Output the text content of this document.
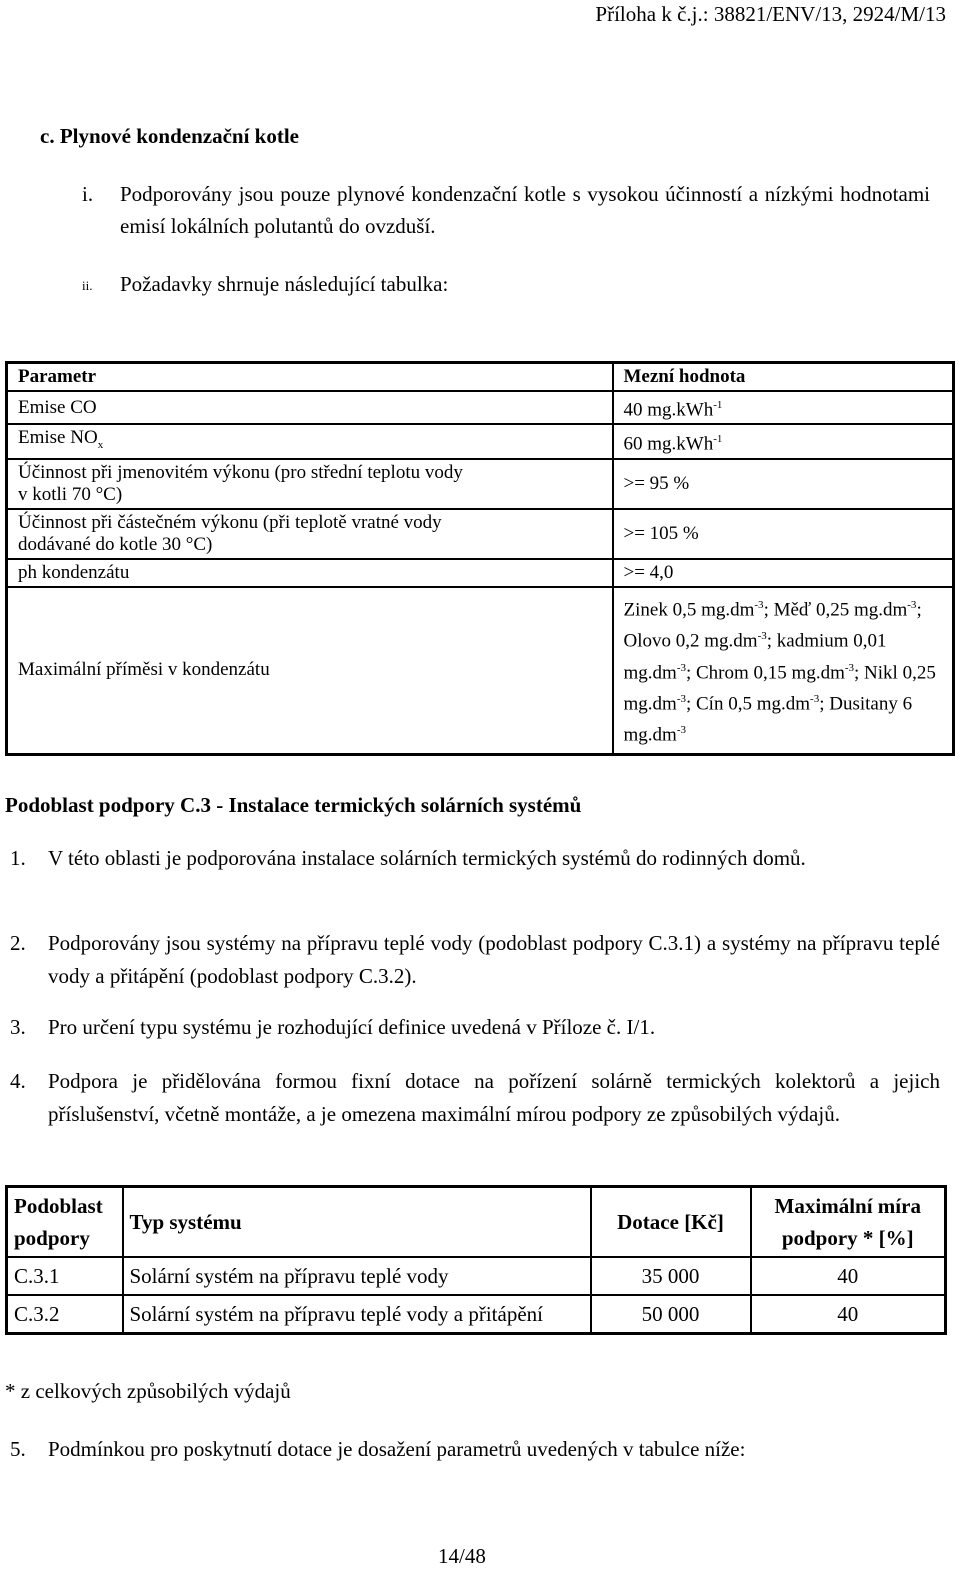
Příloha k č.j.: 38821/ENV/13, 2924/M/13
c. Plynové kondenzační kotle
i. Podporovány jsou pouze plynové kondenzační kotle s vysokou účinností a nízkými hodnotami emisí lokálních polutantů do ovzduší.
ii. Požadavky shrnuje následující tabulka:
Parametr	Mezní hodnota
Emise CO	40 mg.kWh$^{-1}$
Emise $NO_x$	60 mg.kWh$^{-1}$

Účinnost při jmenovitém výkonu (pro střední teplotu vody
v kotli 70 °C)	>= 95 %

Účinnost při částečném výkonu (při teplotě vratné vody
dodávané do kotle 30 °C)	>= 105 %
ph kondenzátu	>= 4,0
Maximální příměsi v kondenzátu	Zinek 0,5 $mg.dm^{-3}$; Měď 0,25 $mg.dm^{-3}$; Olovo 0,2 $mg.dm^{-3}$; kadmium 0,01 $mg.dm^{-3}$; Chrom 0,15 $mg.dm^{-3}$; Nikl 0,25 $mg.dm^{-3}$; Cín 0,5 $mg.dm^{-3}$; Dusitany 6 $mg.dm^{-3}$
Podoblast podpory C.3 - Instalace termických solárních systémů
1. V této oblasti je podporována instalace solárních termických systémů do rodinných domů.
2. Podporovány jsou systémy na přípravu teplé vody (podoblast podpory C.3.1) a systémy na přípravu teplé vody a přitápění (podoblast podpory C.3.2).
3. Pro určení typu systému je rozhodující definice uvedená v Příloze č. I/1.
4. Podpora je přidělována formou fixní dotace na pořízení solárně termických kolektorů a jejich příslušenství, včetně montáže, a je omezena maximální mírou podpory ze způsobilých výdajů.
Podoblast podpory	Typ systému	Dotace [Kč]	Maximální míra podpory * [%]
C.3.1	Solární systém na přípravu teplé vody	35 000	40
C.3.2	Solární systém na přípravu teplé vody a přitápění	50 000	40
* z celkových způsobilých výdajů
5. Podmínkou pro poskytnutí dotace je dosažení parametrů uvedených v tabulce níže:
14/48
